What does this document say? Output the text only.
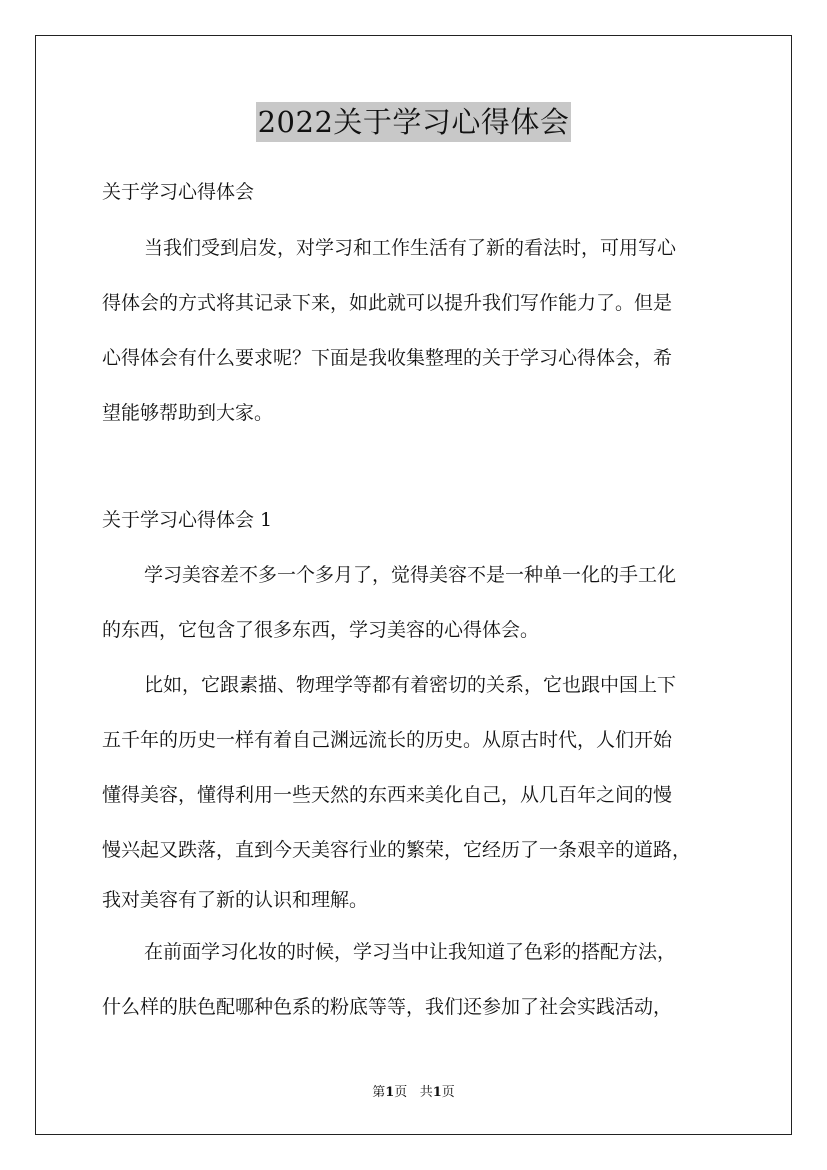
2022关于学习心得体会
关于学习心得体会
当我们受到启发，对学习和工作生活有了新的看法时，可用写心
得体会的方式将其记录下来，如此就可以提升我们写作能力了。但是
心得体会有什么要求呢？下面是我收集整理的关于学习心得体会，希
望能够帮助到大家。
关于学习心得体会 1
学习美容差不多一个多月了，觉得美容不是一种单一化的手工化
的东西，它包含了很多东西，学习美容的心得体会。
比如，它跟素描、物理学等都有着密切的关系，它也跟中国上下
五千年的历史一样有着自己渊远流长的历史。从原古时代，人们开始
懂得美容，懂得利用一些天然的东西来美化自己，从几百年之间的慢
慢兴起又跌落，直到今天美容行业的繁荣，它经历了一条艰辛的道路，
我对美容有了新的认识和理解。
在前面学习化妆的时候，学习当中让我知道了色彩的搭配方法，
什么样的肤色配哪种色系的粉底等等，我们还参加了社会实践活动，
第1页 共1页
